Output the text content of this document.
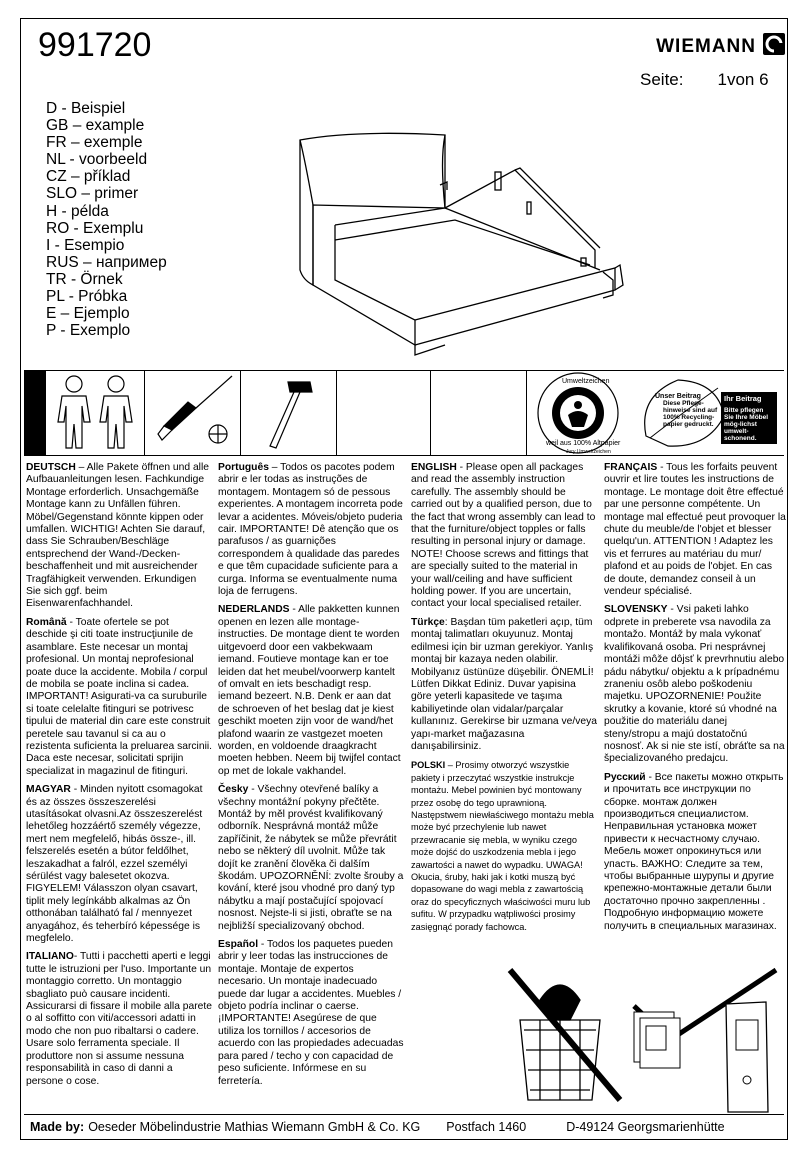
991720	WIEMANN
Seite: 1von 6
D - Beispiel
GB – example
FR – exemple
NL - voorbeeld
CZ – příklad
SLO – primer
H - példa
RO - Exemplu
I - Esempio
RUS – например
TR - Örnek
PL - Próbka
E – Ejemplo
P - Exemplo
Umweltzeichen
weil aus 100% Altpapier
Jury Umweltzeichen
Unser Beitrag
Diese Pflege-hinweise sind auf 100% Recycling-papier gedruckt.
Ihr Beitrag
Bitte pflegen Sie Ihre Möbel mög-lichst umwelt-schonend.

DEUTSCH – Alle Pakete öffnen und alle Aufbauanleitungen lesen. Fachkundige Montage erforderlich. Unsachgemäße Montage kann zu Unfällen führen. Möbel/Gegenstand könnte kippen oder umfallen. WICHTIG! Achten Sie darauf, dass Sie Schrauben/Beschläge entsprechend der Wand-/Decken-beschaffenheit und mit ausreichender Tragfähigkeit verwenden. Erkundigen Sie sich ggf. beim Eisenwarenfachhandel.

Română - Toate ofertele se pot deschide şi citi toate instrucţiunile de asamblare. Este necesar un montaj profesional. Un montaj neprofesional poate duce la accidente. Mobila / corpul de mobila se poate inclina si cadea. IMPORTANT! Asigurati-va ca suruburile si toate celelalte fitinguri se potrivesc tipului de material din care este construit peretele sau tavanul si ca au o rezistenta suficienta la preluarea sarcinii. Daca este necesar, solicitati sprijin specializat in magazinul de fitinguri.

MAGYAR - Minden nyitott csomagokat és az összes összeszerelési utasításokat olvasni.Az összeszerelést lehetőleg hozzáértő személy végezze, mert nem megfelelő, hibás össze-, ill. felszerelés esetén a bútor feldőlhet, leszakadhat a falról, ezzel személyi sérülést vagy balesetet okozva. FIGYELEM! Válasszon olyan csavart, tiplit mely legínkább alkalmas az Ön otthonában található fal / mennyezet anyagához, és teherbíró képessége is megfelelo.

ITALIANO- Tutti i pacchetti aperti e leggi tutte le istruzioni per l'uso. Importante un montaggio corretto. Un montaggio sbagliato può causare incidenti. Assicurarsi di fissare il mobile alla parete o al soffitto con viti/accessori adatti in modo che non puo ribaltarsi o cadere. Usare solo ferramenta speciale. Il produttore non si assume nessuna responsabilità in caso di danni a persone o cose.

Português – Todos os pacotes podem abrir e ler todas as instruções de montagem. Montagem só de pessous experientes. A montagem incorreta pode levar a acidentes. Móveis/objeto puderia cair. IMPORTANTE! Dê atenção que os parafusos / as guarnições correspondem à qualidade das paredes e que têm cupacidade suficiente para a curga. Informa se eventualmente numa loja de ferrugens.

NEDERLANDS - Alle pakketten kunnen openen en lezen alle montage-instructies. De montage dient te worden uitgevoerd door een vakbekwaam iemand. Foutieve montage kan er toe leiden dat het meubel/voorwerp kantelt of omvalt en iets beschadigt resp. iemand bezeert. N.B. Denk er aan dat de schroeven of het beslag dat je kiest geschikt moeten zijn voor de wand/het plafond waarin ze vastgezet moeten worden, en voldoende draagkracht moeten hebben. Neem bij twijfel contact op met de lokale vakhandel.

Česky - Všechny otevřené balíky a všechny montážní pokyny přečtěte. Montáž by měl provést kvalifikovaný odborník. Nesprávná montáž může zapříčinit, že nábytek se může převrátit nebo se některý díl uvolnit. Může tak dojít ke zranění člověka či dalším škodám. UPOZORNĚNÍ: zvolte šrouby a kování, které jsou vhodné pro daný typ nábytku a mají postačující spojovací nosnost. Nejste-li si jisti, obraťte se na nejbližší specializovaný obchod.

Español - Todos los paquetes pueden abrir y leer todas las instrucciones de montaje. Montaje de expertos necesario. Un montaje inadecuado puede dar lugar a accidentes. Muebles / objeto podría inclinar o caerse. ¡IMPORTANTE! Asegúrese de que utiliza los tornillos / accesorios de acuerdo con las propiedades adecuadas para pared / techo y con capacidad de peso suficiente. Infórmese en su ferretería.

ENGLISH - Please open all packages and read the assembly instruction carefully. The assembly should be carried out by a qualified person, due to the fact that wrong assembly can lead to that the furniture/object topples or falls resulting in personal injury or damage. NOTE! Choose screws and fittings that are specially suited to the material in your wall/ceiling and have sufficient holding power. If you are uncertain, contact your local specialised retailer.

Türkçe: Başdan tüm paketleri açıp, tüm montaj talimatları okuyunuz. Montaj edilmesi için bir uzman gerekiyor. Yanlış montaj bir kazaya neden olabilir. Mobilyanız üstünüze düşebilir. ÖNEMLİ! Lütfen Dikkat Ediniz. Duvar yapisina göre yeterli kapasitede ve taşıma kabiliyetinde olan vidalar/parçalar kullanınız. Gerekirse bir uzmana ve/veya yapı-market mağazasına danışabilirsiniz.

POLSKI – Prosimy otworzyć wszystkie pakiety i przeczytać wszystkie instrukcje montażu. Mebel powinien być montowany przez osobę do tego uprawnioną. Następstwem niewłaściwego montażu mebla może być przechylenie lub nawet przewracanie się mebla, w wyniku czego może dojść do uszkodzenia mebla i jego zawartości a nawet do wypadku. UWAGA! Okucia, śruby, haki jak i kotki muszą być dopasowane do wagi mebla z zawartością oraz do specyficznych właściwości muru lub sufitu. W przypadku wątpliwości prosimy zasięgnąć porady fachowca.

FRANÇAIS - Tous les forfaits peuvent ouvrir et lire toutes les instructions de montage. Le montage doit être effectué par une personne compétente. Un montage mal effectué peut provoquer la chute du meuble/de l'objet et blesser quelqu'un. ATTENTION ! Adaptez les vis et ferrures au matériau du mur/ plafond et au poids de l'objet. En cas de doute, demandez conseil à un vendeur spécialisé.

SLOVENSKY - Vsi paketi lahko odprete in preberete vsa navodila za montažo. Montáž by mala vykonať kvalifikovaná osoba. Pri nesprávnej montáži môže dôjsť k prevrhnutiu alebo pádu nábytku/ objektu a k prípadnému zraneniu osôb alebo poškodeniu majetku. UPOZORNENIE! Použite skrutky a kovanie, ktoré sú vhodné na použitie do materiálu danej steny/stropu a majú dostatočnú nosnosť. Ak si nie ste istí, obráťte sa na špecializovaného predajcu.

Русский - Все пакеты можно открыть и прочитать все инструкции по сборке. монтаж должен производиться специалистом. Неправильная установка может привести к несчастному случаю. Мебель может опрокинуться или упасть. ВАЖНО: Следите за тем, чтобы выбранные шурупы и другие крепежно-монтажные детали были достаточно прочно закрепленны . Подробную информацию можете получить в специальных магазинах.

Made by: Oeseder Möbelindustrie Mathias Wiemann GmbH & Co. KG Postfach 1460	D-49124 Georgsmarienhütte
